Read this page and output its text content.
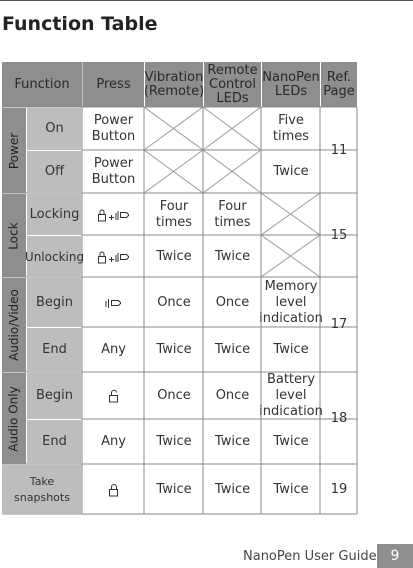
Function Table
Function Press Vibration (Remote)
Remote Control LEDs
NanoPen LEDs
Ref. Page
Power
Lock
Audio/Video
Audio Only
On
Off
Locking
Unlocking
Begin
End
Begin
End
Take snapshots
Power Button
Power Button
Any
Any
Four times
Twice
Once
Twice
Once
Twice
Twice
Four times
Twice
Once
Twice
Once
Twice
Twice
Five times
Twice
Memory level indication
Twice
Battery level indication
Twice
Twice
11
15
17
18
19
NanoPen User Guide 9
